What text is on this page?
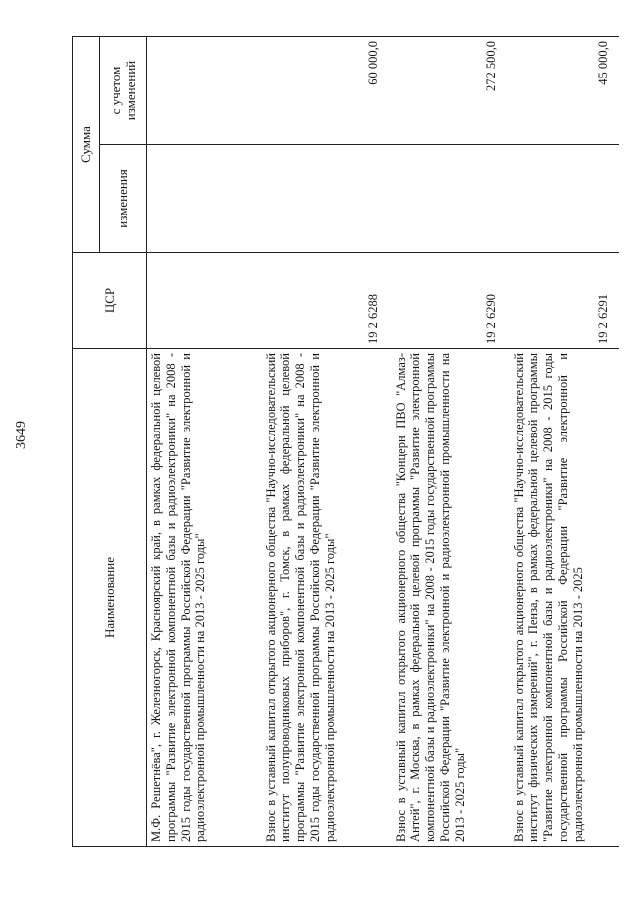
3649
Наименование	ЦСР	Сумма	
		изменения	с учетом изменений
М.Ф. Решетнёва", г. Железногорск, Красноярский край, в рамках федеральной целевой программы "Развитие электронной компонентной базы и радиоэлектроники" на 2008 - 2015 годы государственной программы Российской Федерации "Развитие электронной и радиоэлектронной промышленности на 2013 - 2025 годы"			
Взнос в уставный капитал открытого акционерного общества "Научно-исследовательский институт полупроводниковых приборов", г. Томск, в рамках федеральной целевой программы "Развитие электронной компонентной базы и радиоэлектроники" на 2008 - 2015 годы государственной программы Российской Федерации "Развитие электронной и радиоэлектронной промышленности на 2013 - 2025 годы"	19 2 6288		60 000,0
Взнос в уставный капитал открытого акционерного общества "Концерн ПВО "Алмаз-Антей", г. Москва, в рамках федеральной целевой программы "Развитие электронной компонентной базы и радиоэлектроники" на 2008 - 2015 годы государственной программы Российской Федерации "Развитие электронной и радиоэлектронной промышленности на 2013 - 2025 годы"	19 2 6290		272 500,0
Взнос в уставный капитал открытого акционерного общества "Научно-исследовательский институт физических измерений", г. Пенза, в рамках федеральной целевой программы "Развитие электронной компонентной базы и радиоэлектроники" на 2008 - 2015 годы государственной программы Российской Федерации "Развитие электронной и радиоэлектронной промышленности на 2013 - 2025	19 2 6291		45 000,0
